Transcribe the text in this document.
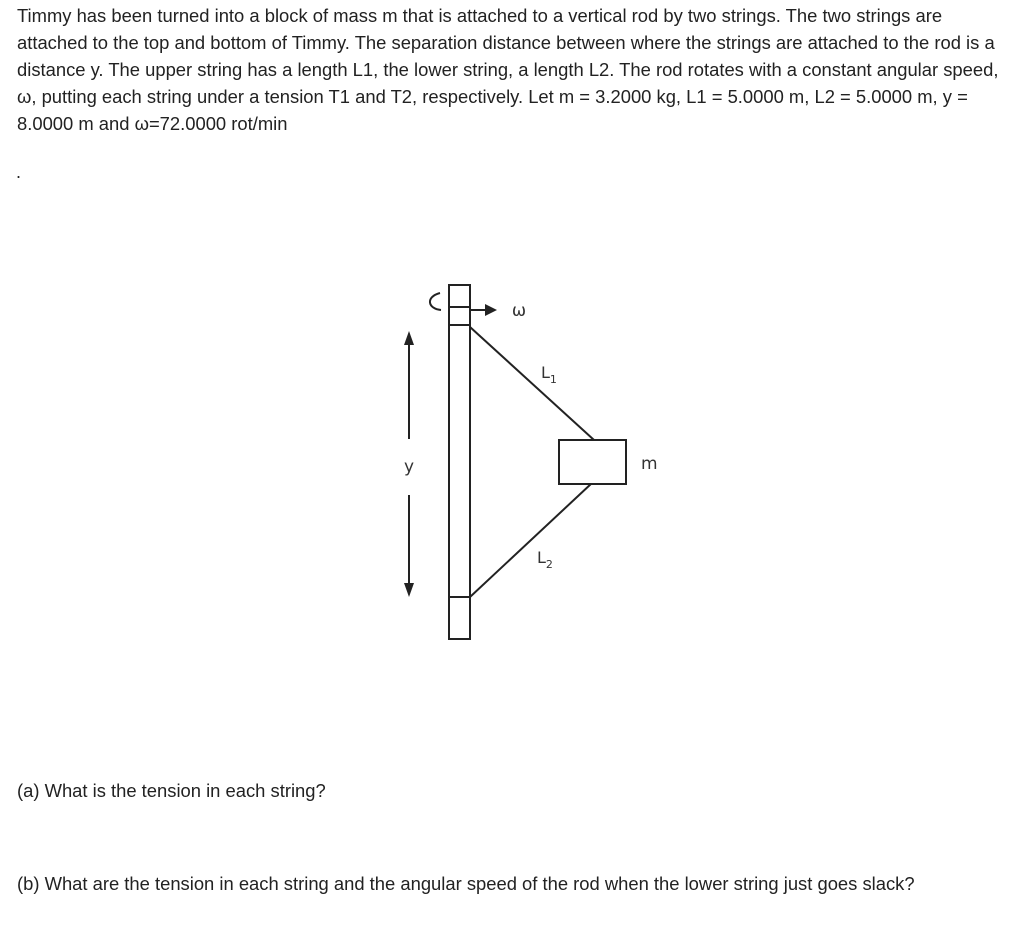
Timmy has been turned into a block of mass m that is attached to a vertical rod by two strings. The two strings are attached to the top and bottom of Timmy. The separation distance between where the strings are attached to the rod is a distance y. The upper string has a length L1, the lower string, a length L2. The rod rotates with a constant angular speed, ω, putting each string under a tension T1 and T2, respectively. Let m = 3.2000 kg, L1 = 5.0000 m, L2 = 5.0000 m, y = 8.0000 m and ω=72.0000 rot/min

.
ω
m
$L_1$
$L_2$
y

(a) What is the tension in each string?

(b) What are the tension in each string and the angular speed of the rod when the lower string just goes slack?
